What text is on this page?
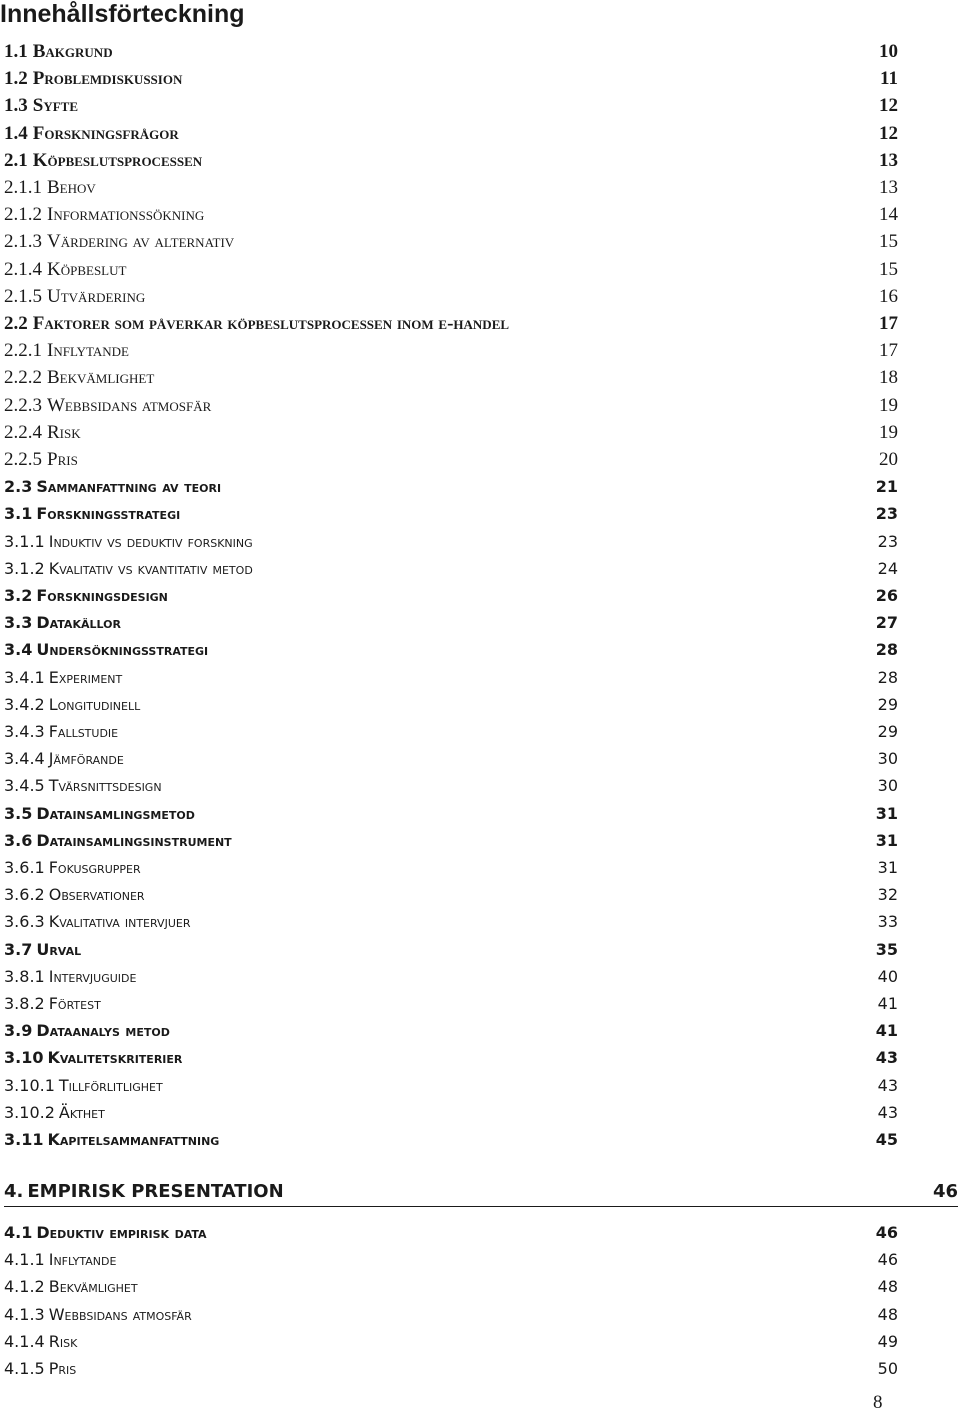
Innehållsförteckning
1.1 Bakgrund	10
1.2 Problemdiskussion	11
1.3 Syfte	12
1.4 Forskningsfrågor	12
2.1 Köpbeslutsprocessen	13
2.1.1 Behov	13
2.1.2 Informationssökning	14
2.1.3 Värdering av alternativ	15
2.1.4 Köpbeslut	15
2.1.5 Utvärdering	16
2.2 Faktorer som påverkar köpbeslutsprocessen inom e-handel	17
2.2.1 Inflytande	17
2.2.2 Bekvämlighet	18
2.2.3 Webbsidans atmosfär	19
2.2.4 Risk	19
2.2.5 Pris	20
2.3 Sammanfattning av teori	21
3.1 Forskningsstrategi	23
3.1.1 Induktiv vs deduktiv forskning	23
3.1.2 Kvalitativ vs kvantitativ metod	24
3.2 Forskningsdesign	26
3.3 Datakällor	27
3.4 Undersökningsstrategi	28
3.4.1 Experiment	28
3.4.2 Longitudinell	29
3.4.3 Fallstudie	29
3.4.4 Jämförande	30
3.4.5 Tvärsnittsdesign	30
3.5 Datainsamlingsmetod	31
3.6 Datainsamlingsinstrument	31
3.6.1 Fokusgrupper	31
3.6.2 Observationer	32
3.6.3 Kvalitativa intervjuer	33
3.7 Urval	35
3.8.1 Intervjuguide	40
3.8.2 Förtest	41
3.9 Dataanalys metod	41
3.10 Kvalitetskriterier	43
3.10.1 Tillförlitlighet	43
3.10.2 Äkthet	43
3.11 Kapitelsammanfattning	45
4. EMPIRISK PRESENTATION	46
4.1 Deduktiv empirisk data	46
4.1.1 Inflytande	46
4.1.2 Bekvämlighet	48
4.1.3 Webbsidans atmosfär	48
4.1.4 Risk	49
4.1.5 Pris	50
8
